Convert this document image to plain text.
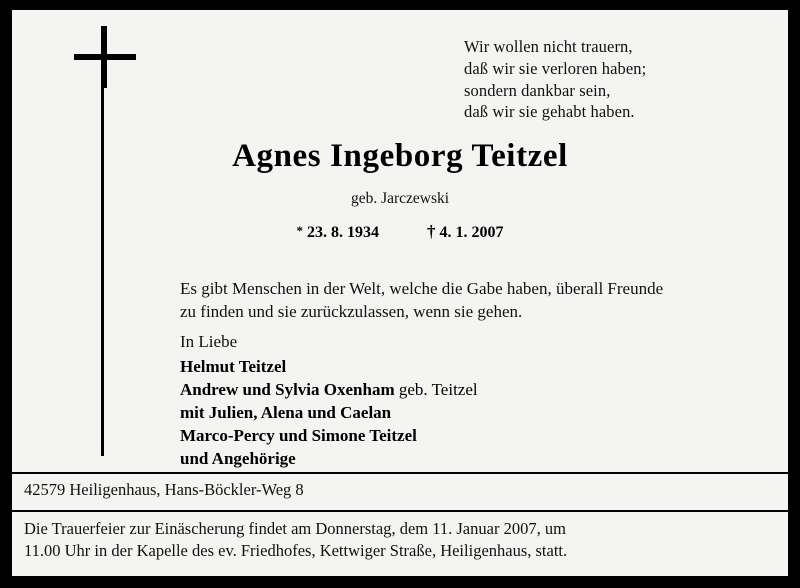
Wir wollen nicht trauern,
daß wir sie verloren haben;
sondern dankbar sein,
daß wir sie gehabt haben.
Agnes Ingeborg Teitzel
geb. Jarczewski
* 23. 8. 1934	† 4. 1. 2007
Es gibt Menschen in der Welt, welche die Gabe haben, überall Freunde
zu finden und sie zurückzulassen, wenn sie gehen.
In Liebe
Helmut Teitzel
Andrew und Sylvia Oxenham geb. Teitzel
mit Julien, Alena und Caelan
Marco-Percy und Simone Teitzel
und Angehörige
42579 Heiligenhaus, Hans-Böckler-Weg 8
Die Trauerfeier zur Einäscherung findet am Donnerstag, dem 11. Januar 2007, um
11.00 Uhr in der Kapelle des ev. Friedhofes, Kettwiger Straße, Heiligenhaus, statt.
